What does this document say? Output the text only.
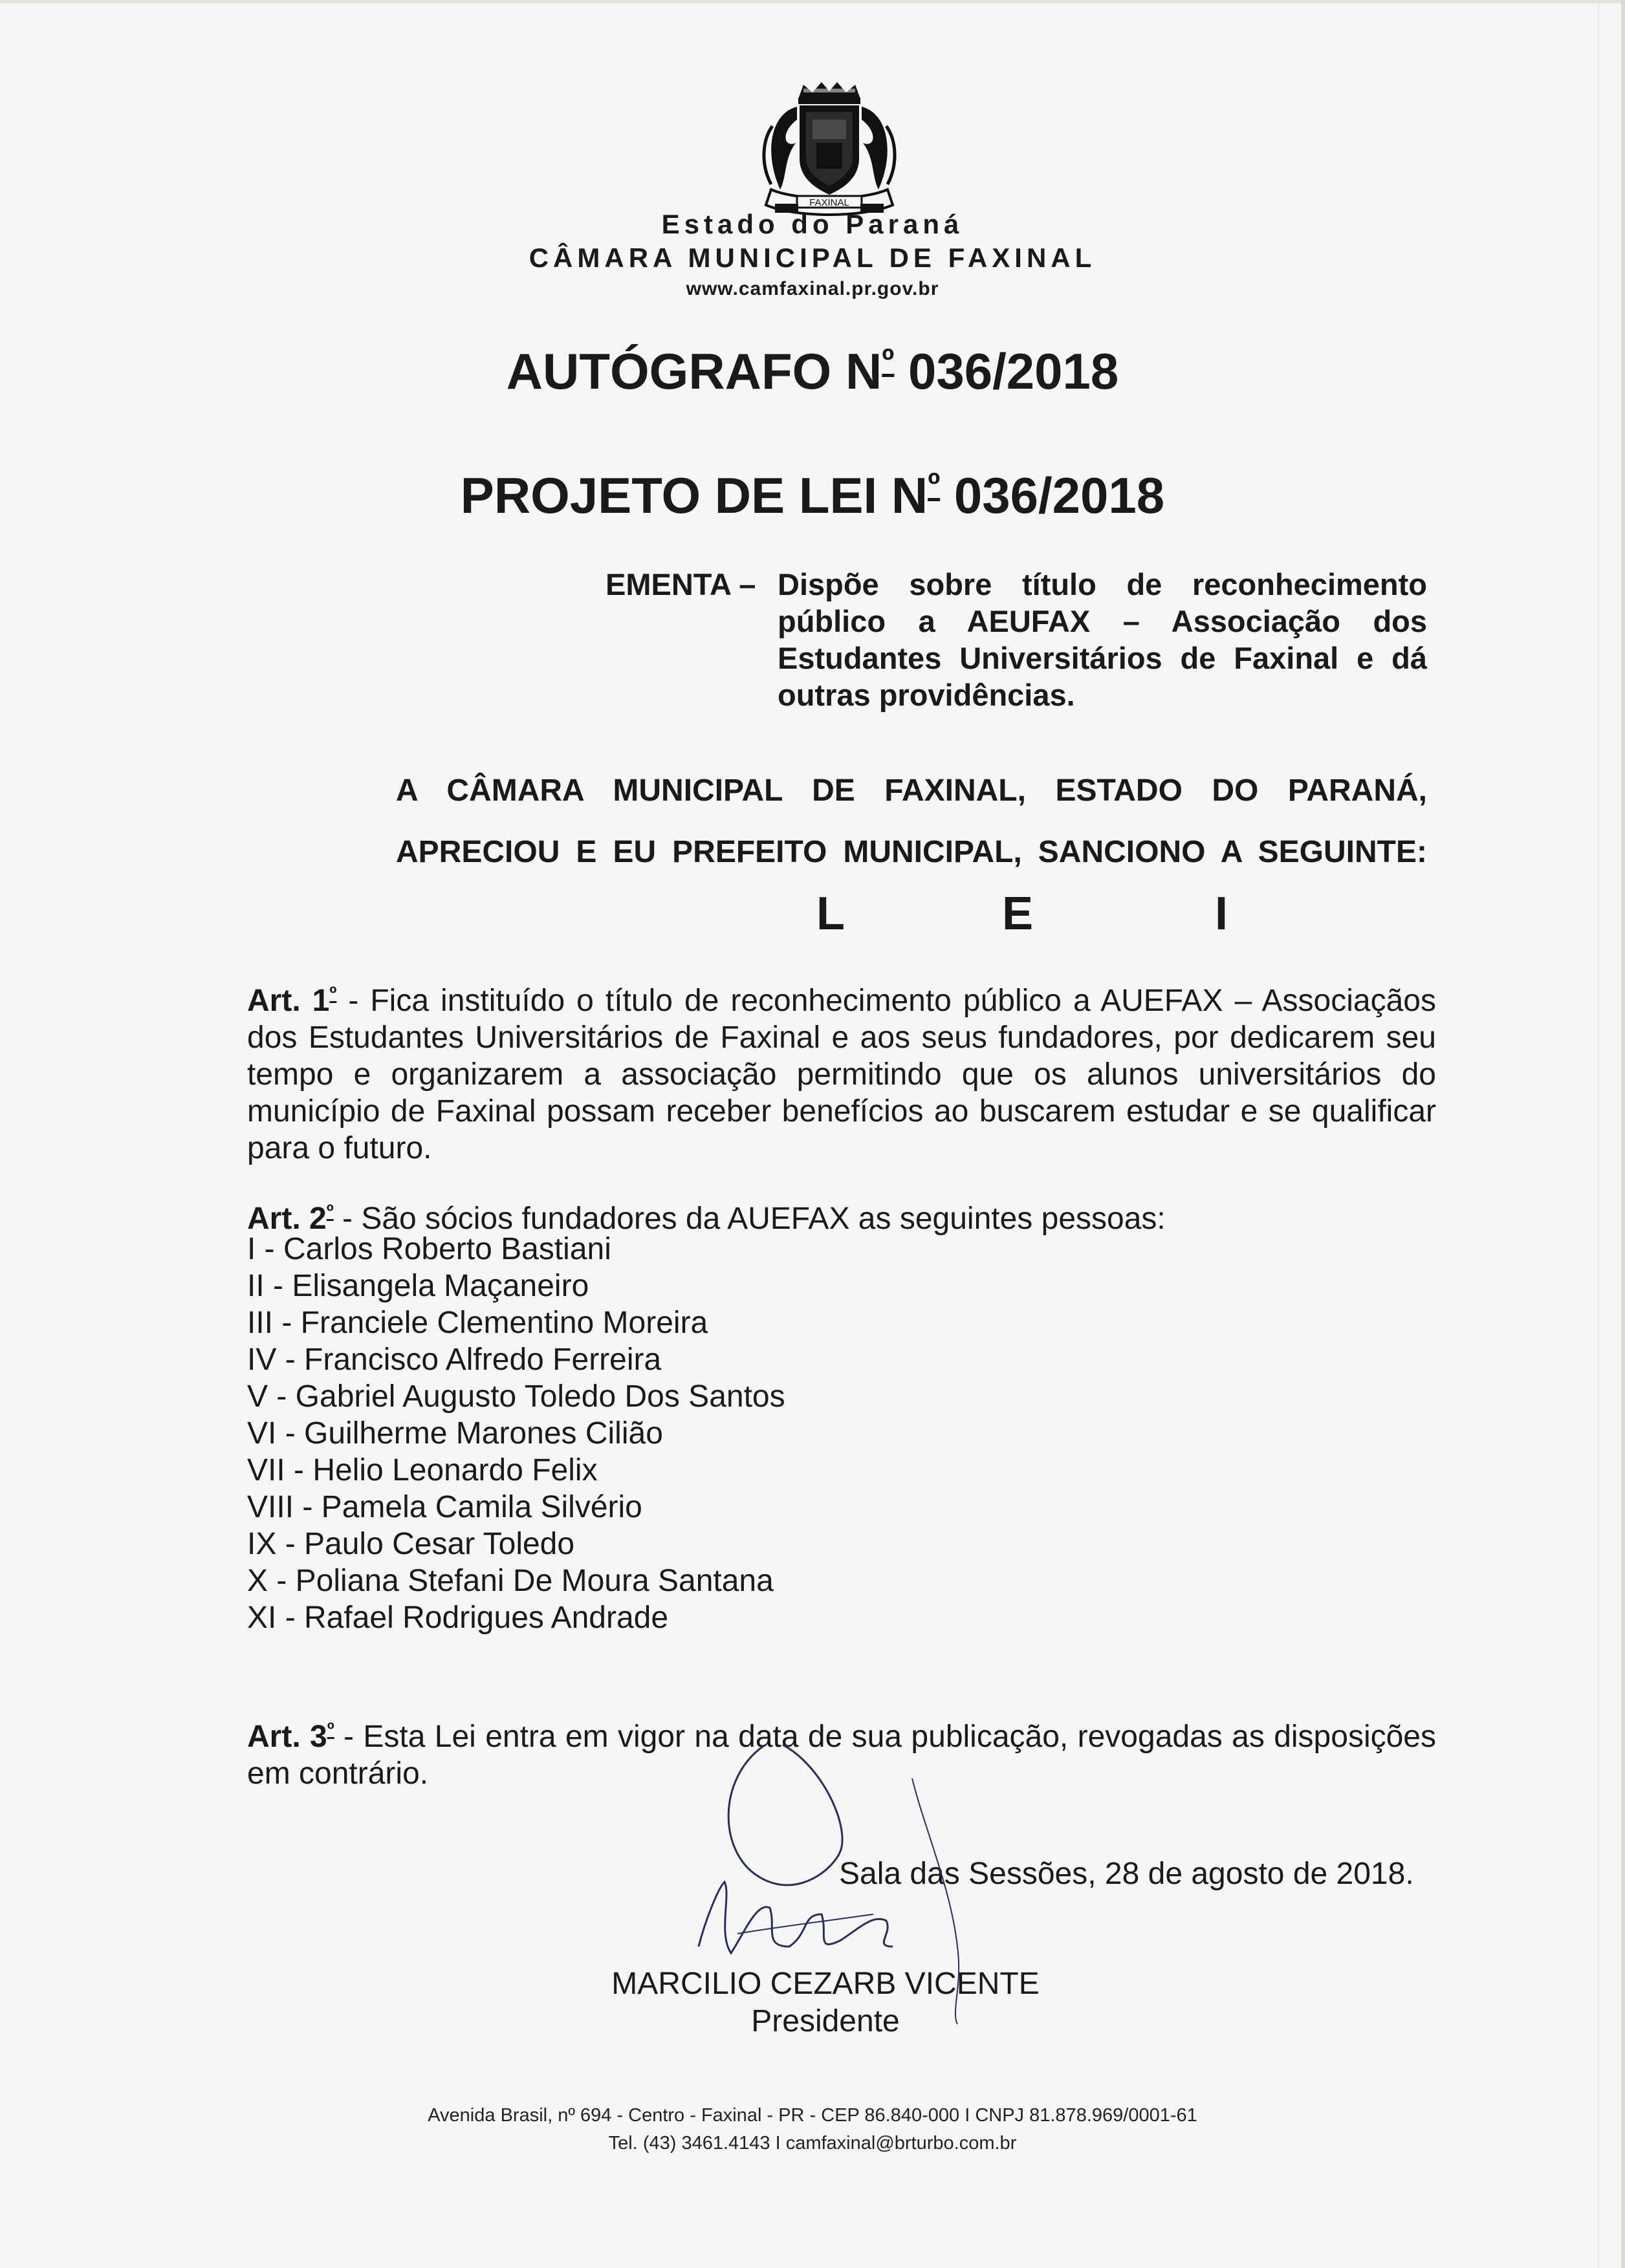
FAXINAL
Estado do Paraná
CÂMARA MUNICIPAL DE FAXINAL
www.camfaxinal.pr.gov.br
AUTÓGRAFO $N^º$ 036/2018
PROJETO DE LEI $N^º$ 036/2018
EMENTA – Dispõe sobre título de reconhecimento público a AEUFAX – Associação dos Estudantes Universitários de Faxinal e dá outras providências.
A CÂMARA MUNICIPAL DE FAXINAL, ESTADO DO PARANÁ,
APRECIOU E EU PREFEITO MUNICIPAL, SANCIONO A SEGUINTE:
L	E	I
Art. $1^º$ - Fica instituído o título de reconhecimento público a AUEFAX – Associaçãos dos Estudantes Universitários de Faxinal e aos seus fundadores, por dedicarem seu tempo e organizarem a associação permitindo que os alunos universitários do município de Faxinal possam receber benefícios ao buscarem estudar e se qualificar para o futuro.
Art. $2^º$ - São sócios fundadores da AUEFAX as seguintes pessoas:
I - Carlos Roberto Bastiani
II - Elisangela Maçaneiro
III - Franciele Clementino Moreira
IV - Francisco Alfredo Ferreira
V - Gabriel Augusto Toledo Dos Santos
VI - Guilherme Marones Cilião
VII - Helio Leonardo Felix
VIII - Pamela Camila Silvério
IX - Paulo Cesar Toledo
X - Poliana Stefani De Moura Santana
XI - Rafael Rodrigues Andrade
Art. $3^º$ - Esta Lei entra em vigor na data de sua publicação, revogadas as disposições em contrário.
Sala das Sessões, 28 de agosto de 2018.
MARCILIO CEZARB VICENTE
Presidente
Avenida Brasil, nº 694 - Centro - Faxinal - PR - CEP 86.840-000 I CNPJ 81.878.969/0001-61
Tel. (43) 3461.4143 I camfaxinal@brturbo.com.br
